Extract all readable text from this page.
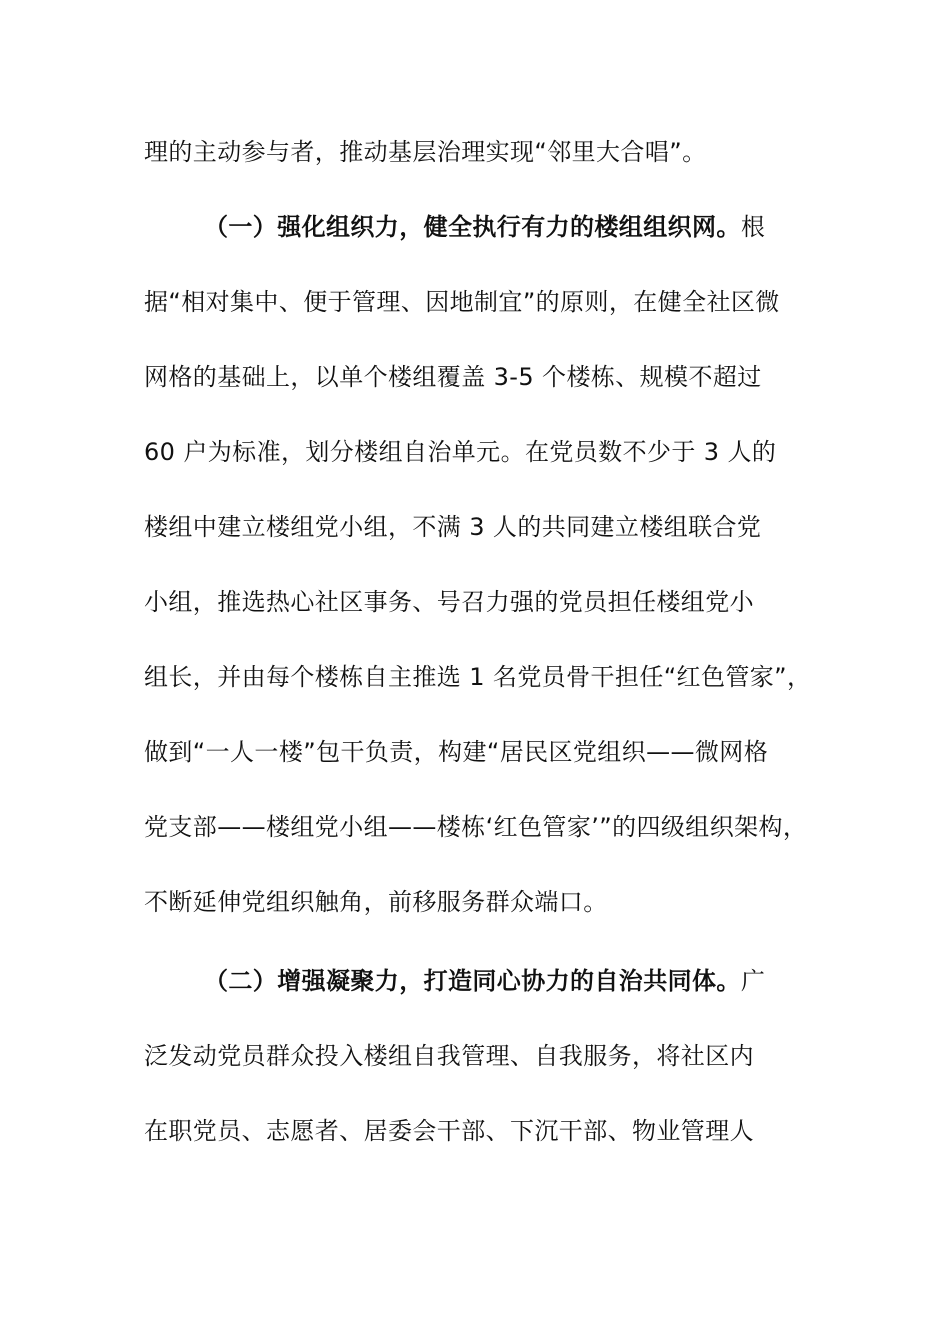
理的主动参与者，推动基层治理实现“邻里大合唱”。
（一）强化组织力，健全执行有力的楼组组织网。根
据“相对集中、便于管理、因地制宜”的原则，在健全社区微
网格的基础上，以单个楼组覆盖 3-5 个楼栋、规模不超过
60 户为标准，划分楼组自治单元。在党员数不少于 3 人的
楼组中建立楼组党小组，不满 3 人的共同建立楼组联合党
小组，推选热心社区事务、号召力强的党员担任楼组党小
组长，并由每个楼栋自主推选 1 名党员骨干担任“红色管家”，
做到“一人一楼”包干负责，构建“居民区党组织——微网格
党支部——楼组党小组——楼栋‘红色管家’”的四级组织架构，
不断延伸党组织触角，前移服务群众端口。
（二）增强凝聚力，打造同心协力的自治共同体。广
泛发动党员群众投入楼组自我管理、自我服务，将社区内
在职党员、志愿者、居委会干部、下沉干部、物业管理人
